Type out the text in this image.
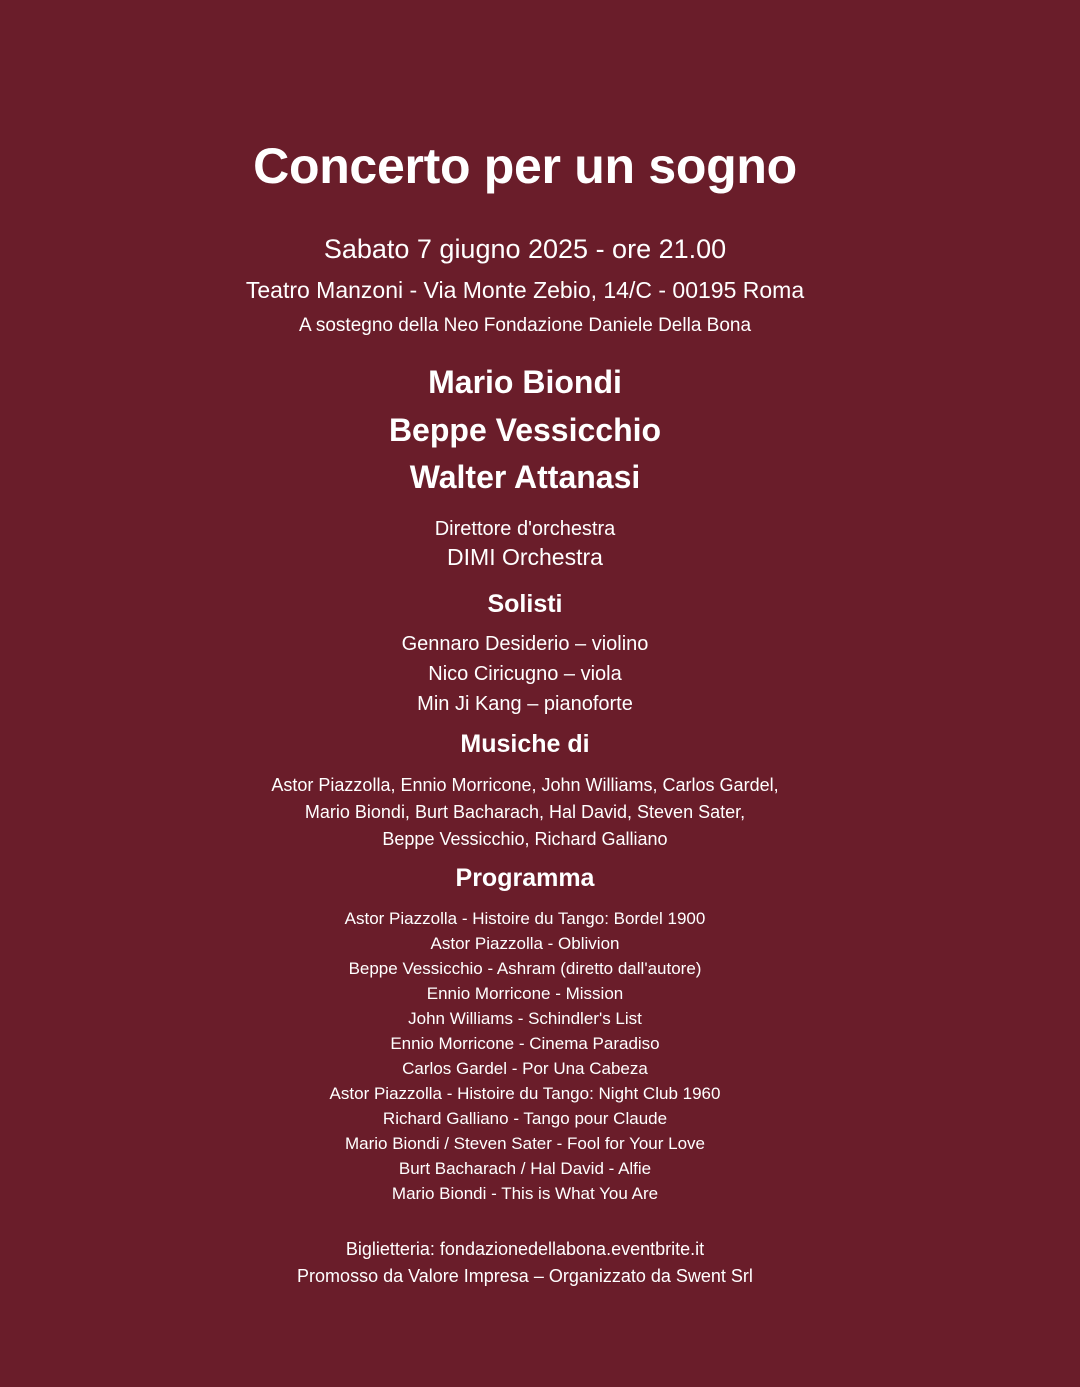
Concerto per un sogno
Sabato 7 giugno 2025 - ore 21.00
Teatro Manzoni - Via Monte Zebio, 14/C - 00195 Roma
A sostegno della Neo Fondazione Daniele Della Bona
Mario Biondi
Beppe Vessicchio
Walter Attanasi
Direttore d'orchestra
DIMI Orchestra
Solisti
Gennaro Desiderio – violino
Nico Ciricugno – viola
Min Ji Kang – pianoforte
Musiche di
Astor Piazzolla, Ennio Morricone, John Williams, Carlos Gardel,
Mario Biondi, Burt Bacharach, Hal David, Steven Sater,
Beppe Vessicchio, Richard Galliano
Programma
Astor Piazzolla - Histoire du Tango: Bordel 1900
Astor Piazzolla - Oblivion
Beppe Vessicchio - Ashram (diretto dall'autore)
Ennio Morricone - Mission
John Williams - Schindler's List
Ennio Morricone - Cinema Paradiso
Carlos Gardel - Por Una Cabeza
Astor Piazzolla - Histoire du Tango: Night Club 1960
Richard Galliano - Tango pour Claude
Mario Biondi / Steven Sater - Fool for Your Love
Burt Bacharach / Hal David - Alfie
Mario Biondi - This is What You Are
Biglietteria: fondazionedellabona.eventbrite.it
Promosso da Valore Impresa – Organizzato da Swent Srl
